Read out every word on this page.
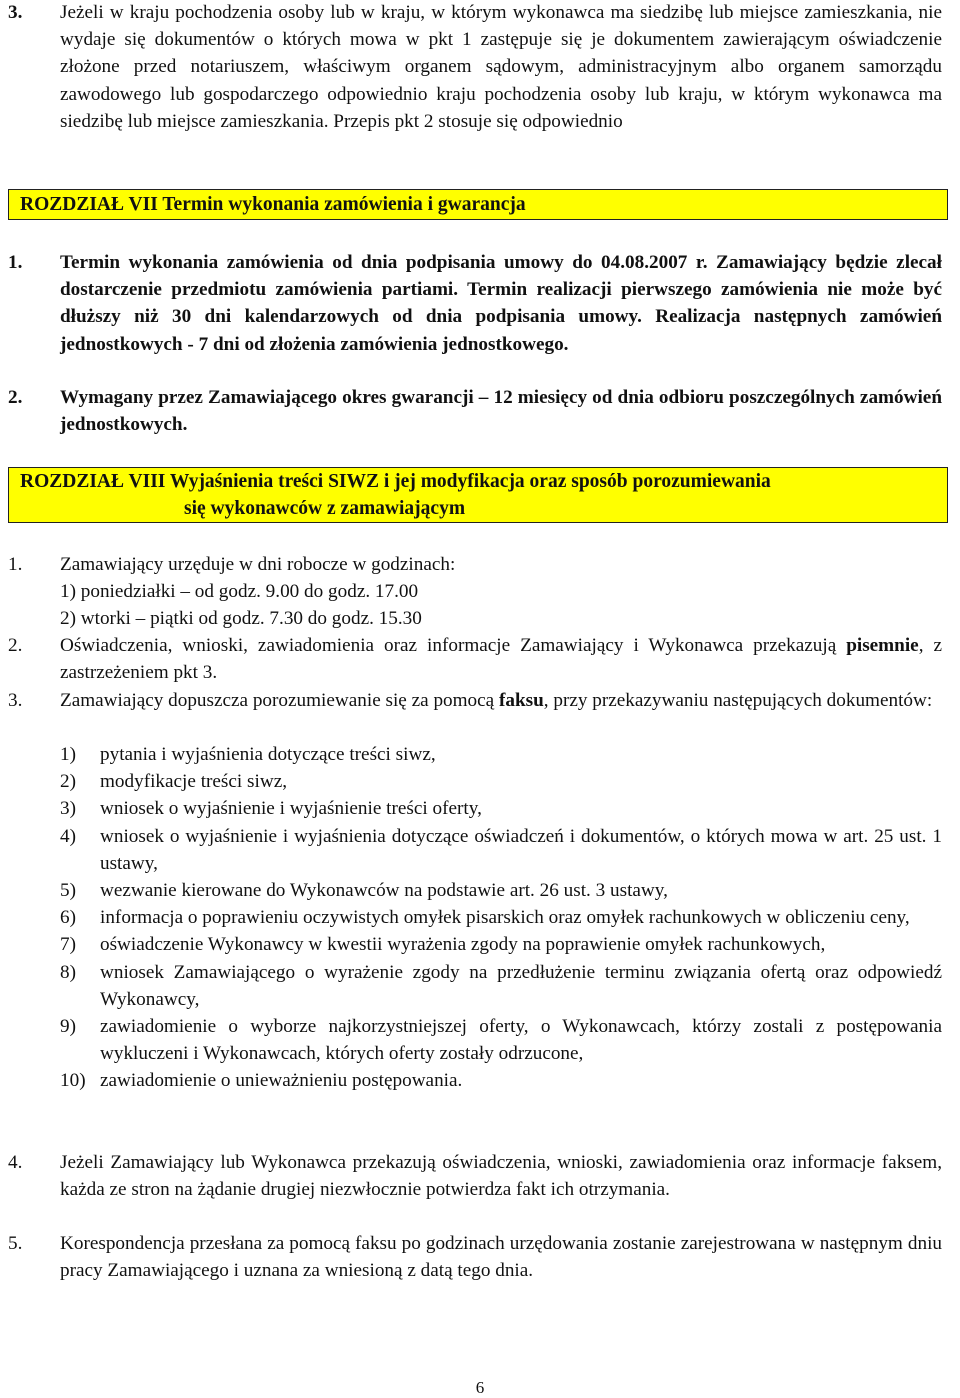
3.	Jeżeli w kraju pochodzenia osoby lub w kraju, w którym wykonawca ma siedzibę lub miejsce zamieszkania, nie wydaje się dokumentów o których mowa w pkt 1 zastępuje się je dokumentem zawierającym oświadczenie złożone przed notariuszem, właściwym organem sądowym, administracyjnym albo organem samorządu zawodowego lub gospodarczego odpowiednio kraju pochodzenia osoby lub kraju, w którym wykonawca ma siedzibę lub miejsce zamieszkania. Przepis pkt 2 stosuje się odpowiednio
ROZDZIAŁ VII Termin wykonania zamówienia i gwarancja
1.	Termin wykonania zamówienia od dnia podpisania umowy do 04.08.2007 r. Zamawiający będzie zlecał dostarczenie przedmiotu zamówienia partiami. Termin realizacji pierwszego zamówienia nie może być dłuższy niż 30 dni kalendarzowych od dnia podpisania umowy. Realizacja następnych zamówień jednostkowych - 7 dni od złożenia zamówienia jednostkowego.
2.	Wymagany przez Zamawiającego okres gwarancji – 12 miesięcy od dnia odbioru poszczególnych zamówień jednostkowych.
ROZDZIAŁ VIII Wyjaśnienia treści SIWZ i jej modyfikacja oraz sposób porozumiewania
się wykonawców z zamawiającym
1.	Zamawiający urzęduje w dni robocze w godzinach:
1) poniedziałki – od godz. 9.00 do godz. 17.00
2) wtorki – piątki od godz. 7.30 do godz. 15.30
2.	Oświadczenia, wnioski, zawiadomienia oraz informacje Zamawiający i Wykonawca przekazują pisemnie, z zastrzeżeniem pkt 3.
3.	Zamawiający dopuszcza porozumiewanie się za pomocą faksu, przy przekazywaniu następujących dokumentów:
1)	pytania i wyjaśnienia dotyczące treści siwz,
2)	modyfikacje treści siwz,
3)	wniosek o wyjaśnienie i wyjaśnienie treści oferty,
4)	wniosek o wyjaśnienie i wyjaśnienia dotyczące oświadczeń i dokumentów, o których mowa w art. 25 ust. 1 ustawy,
5)	wezwanie kierowane do Wykonawców na podstawie art. 26 ust. 3 ustawy,
6)	informacja o poprawieniu oczywistych omyłek pisarskich oraz omyłek rachunkowych w obliczeniu ceny,
7)	oświadczenie Wykonawcy w kwestii wyrażenia zgody na poprawienie omyłek rachunkowych,
8)	wniosek Zamawiającego o wyrażenie zgody na przedłużenie terminu związania ofertą oraz odpowiedź Wykonawcy,
9)	zawiadomienie o wyborze najkorzystniejszej oferty, o Wykonawcach, którzy zostali z postępowania wykluczeni i Wykonawcach, których oferty zostały odrzucone,
10) zawiadomienie o unieważnieniu postępowania.
4.	Jeżeli Zamawiający lub Wykonawca przekazują oświadczenia, wnioski, zawiadomienia oraz informacje faksem, każda ze stron na żądanie drugiej niezwłocznie potwierdza fakt ich otrzymania.
5.	Korespondencja przesłana za pomocą faksu po godzinach urzędowania zostanie zarejestrowana w następnym dniu pracy Zamawiającego i uznana za wniesioną z datą tego dnia.
6
